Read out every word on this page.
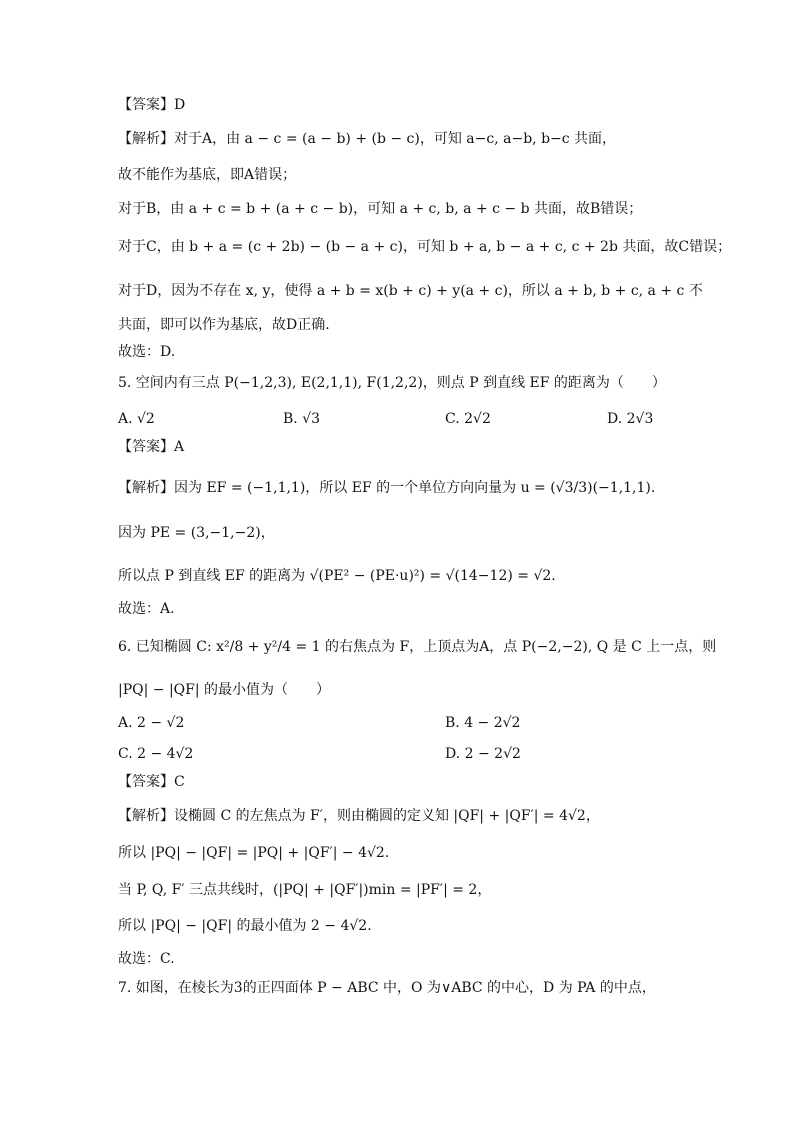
【答案】D
【解析】对于A，由 a − c = (a − b) + (b − c)，可知 a−c, a−b, b−c 共面，
故不能作为基底，即A错误；
对于B，由 a + c = b + (a + c − b)，可知 a + c, b, a + c − b 共面，故B错误；
对于C，由 b + a = (c + 2b) − (b − a + c)，可知 b + a, b − a + c, c + 2b 共面，故C错误；
对于D，因为不存在 x, y，使得 a + b = x(b + c) + y(a + c)，所以 a + b, b + c, a + c 不
共面，即可以作为基底，故D正确.
故选：D.
5. 空间内有三点 P(−1,2,3), E(2,1,1), F(1,2,2)，则点 P 到直线 EF 的距离为（　　）
A. √2	B. √3	C. 2√2	D. 2√3
【答案】A
【解析】因为 EF = (−1,1,1)，所以 EF 的一个单位方向向量为 u = (√3/3)(−1,1,1).
因为 PE = (3,−1,−2)，
所以点 P 到直线 EF 的距离为 √(PE² − (PE·u)²) = √(14−12) = √2.
故选：A.
6. 已知椭圆 C: x²/8 + y²/4 = 1 的右焦点为 F，上顶点为A，点 P(−2,−2), Q 是 C 上一点，则
|PQ| − |QF| 的最小值为（　　）
A. 2 − √2	B. 4 − 2√2
C. 2 − 4√2	D. 2 − 2√2
【答案】C
【解析】设椭圆 C 的左焦点为 F′，则由椭圆的定义知 |QF| + |QF′| = 4√2，
所以 |PQ| − |QF| = |PQ| + |QF′| − 4√2.
当 P, Q, F′ 三点共线时，(|PQ| + |QF′|)min = |PF′| = 2，
所以 |PQ| − |QF| 的最小值为 2 − 4√2.
故选：C.
7. 如图，在棱长为3的正四面体 P − ABC 中，O 为∨ABC 的中心，D 为 PA 的中点，
